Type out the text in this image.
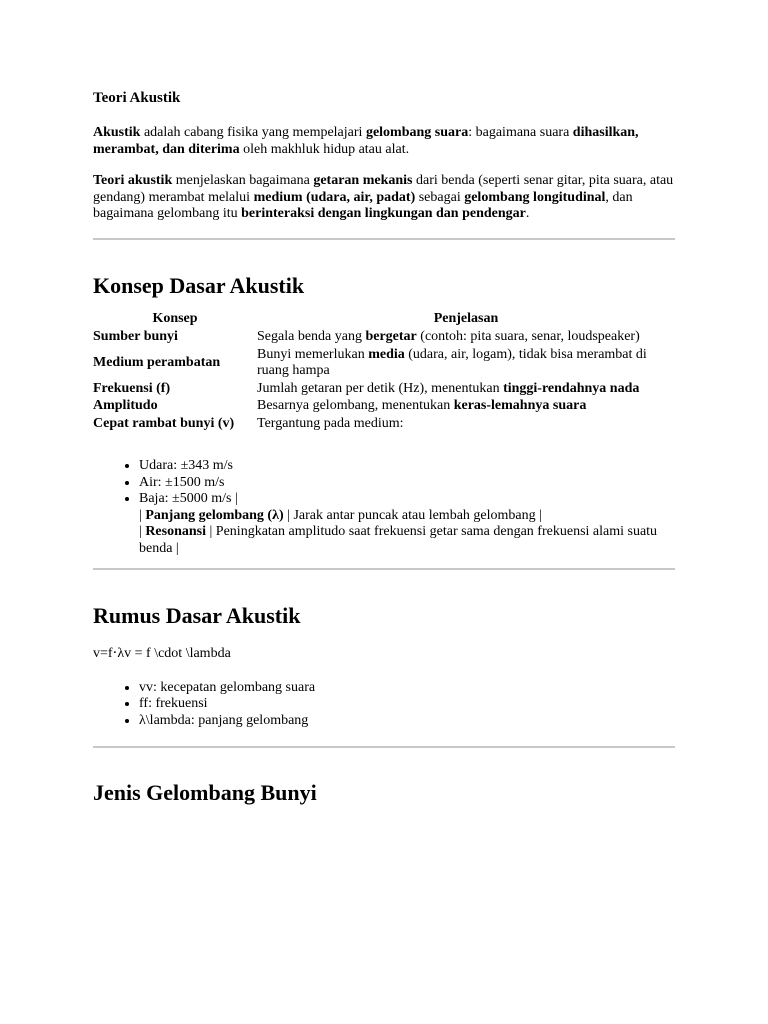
Teori Akustik

Akustik adalah cabang fisika yang mempelajari gelombang suara: bagaimana suara dihasilkan, merambat, dan diterima oleh makhluk hidup atau alat.

Teori akustik menjelaskan bagaimana getaran mekanis dari benda (seperti senar gitar, pita suara, atau gendang) merambat melalui medium (udara, air, padat) sebagai gelombang longitudinal, dan bagaimana gelombang itu berinteraksi dengan lingkungan dan pendengar.

Konsep Dasar Akustik
Konsep	Penjelasan
Sumber bunyi	Segala benda yang bergetar (contoh: pita suara, senar, loudspeaker)
Medium perambatan	Bunyi memerlukan media (udara, air, logam), tidak bisa merambat di ruang hampa
Frekuensi (f)	Jumlah getaran per detik (Hz), menentukan tinggi-rendahnya nada
Amplitudo	Besarnya gelombang, menentukan keras-lemahnya suara
Cepat rambat bunyi (v)	Tergantung pada medium:
• Udara: ±343 m/s
• Air: ±1500 m/s
• Baja: ±5000 m/s |
| Panjang gelombang (λ) | Jarak antar puncak atau lembah gelombang |
| Resonansi | Peningkatan amplitudo saat frekuensi getar sama dengan frekuensi alami suatu benda |
Rumus Dasar Akustik

v=f⋅λv = f \cdot \lambda

• vv: kecepatan gelombang suara
• ff: frekuensi
• λ\lambda: panjang gelombang
Jenis Gelombang Bunyi
